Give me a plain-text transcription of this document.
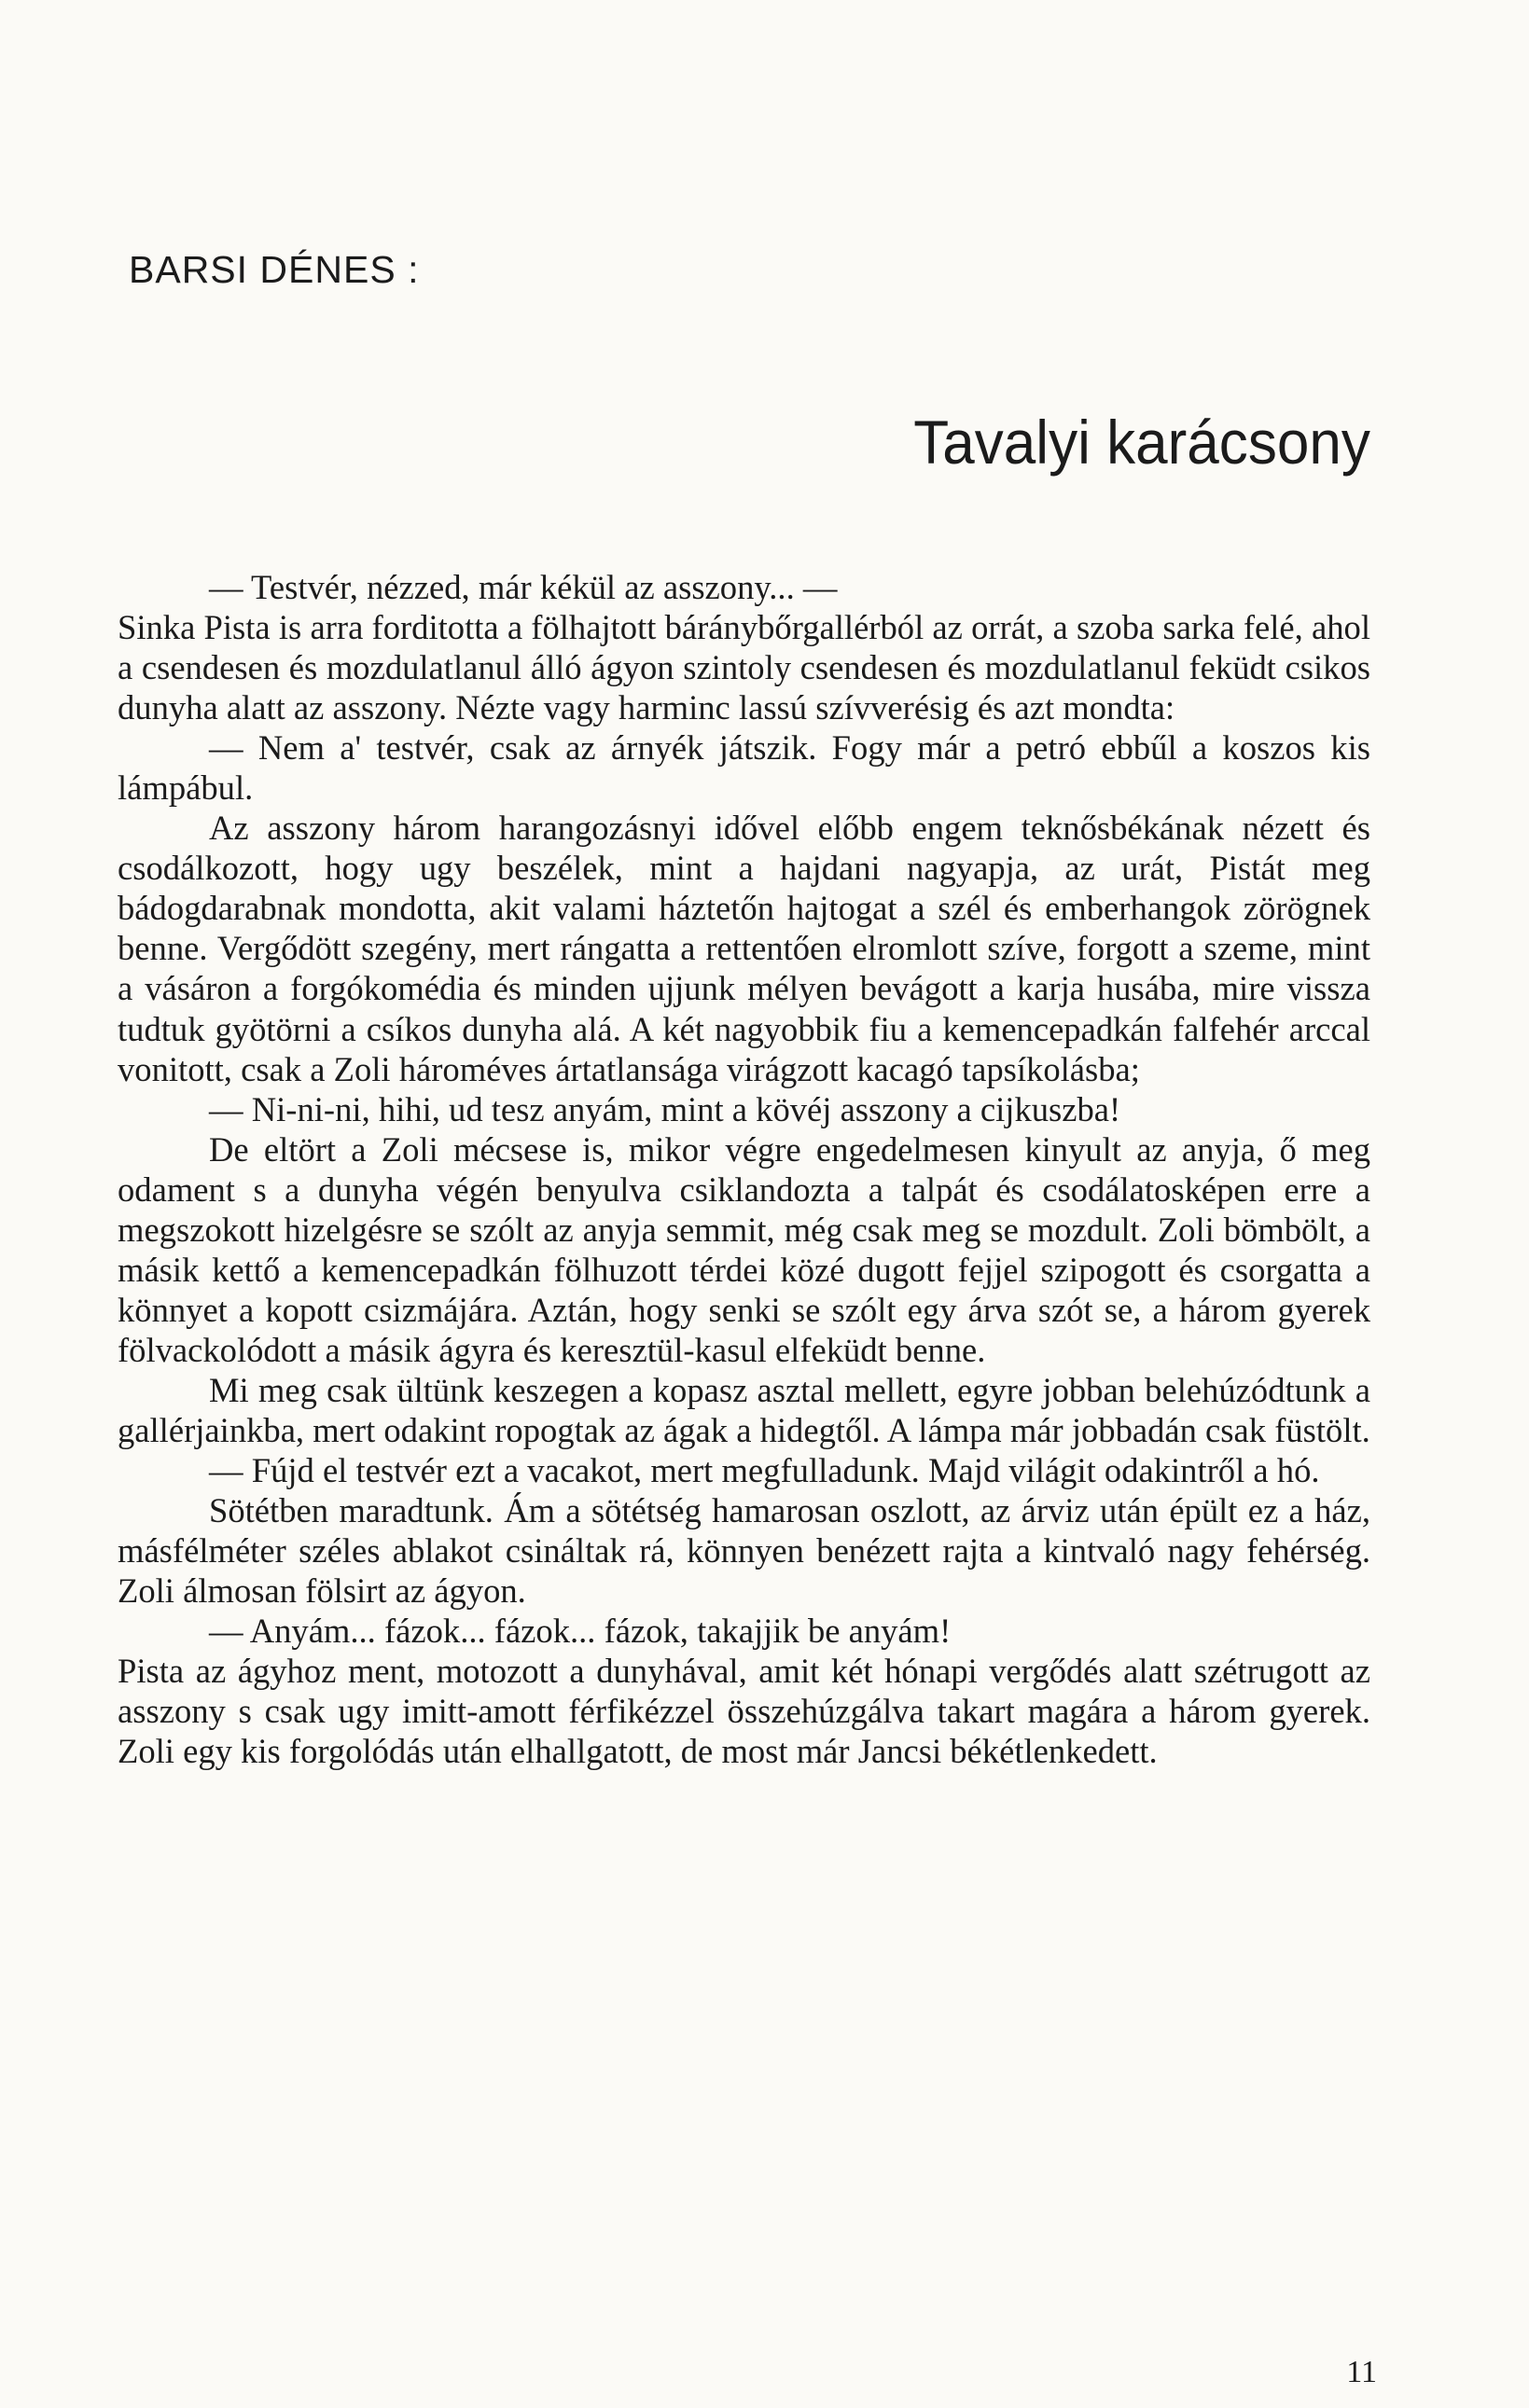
BARSI DÉNES :
Tavalyi karácsony

— Testvér, nézzed, már kékül az asszony... —

Sinka Pista is arra forditotta a fölhajtott báránybőrgallérból az orrát, a szoba sarka felé, ahol a csendesen és mozdulatlanul álló ágyon szintoly csendesen és mozdulatlanul feküdt csikos dunyha alatt az asszony. Nézte vagy harminc lassú szívverésig és azt mondta:

— Nem a' testvér, csak az árnyék játszik. Fogy már a petró ebbűl a koszos kis lámpábul.

Az asszony három harangozásnyi idővel előbb engem teknősbékának nézett és csodálkozott, hogy ugy beszélek, mint a hajdani nagyapja, az urát, Pistát meg bádogdarabnak mondotta, akit valami háztetőn hajtogat a szél és emberhangok zörögnek benne. Vergődött szegény, mert rángatta a rettentően elromlott szíve, forgott a szeme, mint a vásáron a forgókomédia és minden ujjunk mélyen bevágott a karja husába, mire vissza tudtuk gyötörni a csíkos dunyha alá. A két nagyobbik fiu a kemencepadkán falfehér arccal vonitott, csak a Zoli hároméves ártatlansága virágzott kacagó tapsíkolásba;

— Ni-ni-ni, hihi, ud tesz anyám, mint a kövéj asszony a cijkuszba!

De eltört a Zoli mécsese is, mikor végre engedelmesen kinyult az anyja, ő meg odament s a dunyha végén benyulva csiklandozta a talpát és csodálatosképen erre a megszokott hizelgésre se szólt az anyja semmit, még csak meg se mozdult. Zoli bömbölt, a másik kettő a kemencepadkán fölhuzott térdei közé dugott fejjel szipogott és csorgatta a könnyet a kopott csizmájára. Aztán, hogy senki se szólt egy árva szót se, a három gyerek fölvackolódott a másik ágyra és keresztül-kasul elfeküdt benne.

Mi meg csak ültünk keszegen a kopasz asztal mellett, egyre jobban belehúzódtunk a gallérjainkba, mert odakint ropogtak az ágak a hidegtől. A lámpa már jobbadán csak füstölt.

— Fújd el testvér ezt a vacakot, mert megfulladunk. Majd világit odakintről a hó.

Sötétben maradtunk. Ám a sötétség hamarosan oszlott, az árviz után épült ez a ház, másfélméter széles ablakot csináltak rá, könnyen benézett rajta a kintvaló nagy fehérség. Zoli álmosan fölsirt az ágyon.

— Anyám... fázok... fázok... fázok, takajjik be anyám!

Pista az ágyhoz ment, motozott a dunyhával, amit két hónapi vergődés alatt szétrugott az asszony s csak ugy imitt-amott férfikézzel összehúzgálva takart magára a három gyerek. Zoli egy kis forgolódás után elhallgatott, de most már Jancsi békétlenkedett.

11
